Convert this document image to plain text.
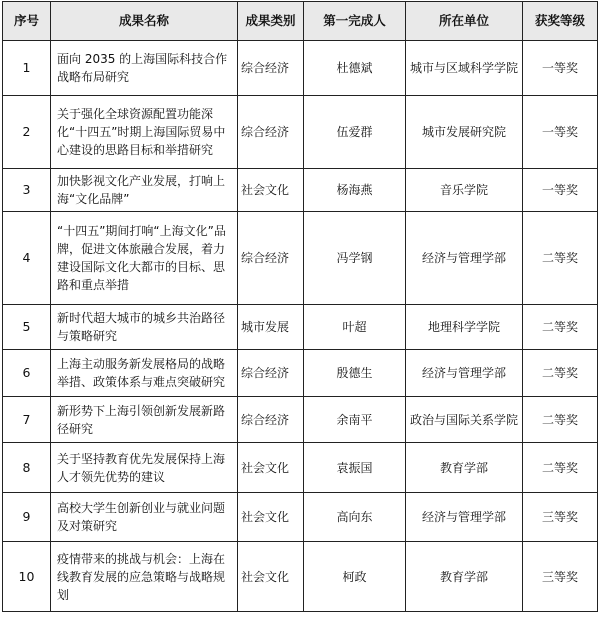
序号	成果名称	成果类别	第一完成人	所在单位	获奖等级
1	面向 2035 的上海国际科技合作战略布局研究	综合经济	杜德斌	城市与区域科学学院	一等奖
2	关于强化全球资源配置功能深化“十四五”时期上海国际贸易中心建设的思路目标和举措研究	综合经济	伍爱群	城市发展研究院	一等奖
3	加快影视文化产业发展，打响上海“文化品牌”	社会文化	杨海燕	音乐学院	一等奖
4	“十四五”期间打响“上海文化”品牌，促进文体旅融合发展，着力建设国际文化大都市的目标、思路和重点举措	综合经济	冯学钢	经济与管理学部	二等奖
5	新时代超大城市的城乡共治路径与策略研究	城市发展	叶超	地理科学学院	二等奖
6	上海主动服务新发展格局的战略举措、政策体系与难点突破研究	综合经济	殷德生	经济与管理学部	二等奖
7	新形势下上海引领创新发展新路径研究	综合经济	余南平	政治与国际关系学院	二等奖
8	关于坚持教育优先发展保持上海人才领先优势的建议	社会文化	袁振国	教育学部	二等奖
9	高校大学生创新创业与就业问题及对策研究	社会文化	高向东	经济与管理学部	三等奖
10	疫情带来的挑战与机会：上海在线教育发展的应急策略与战略规划	社会文化	柯政	教育学部	三等奖
